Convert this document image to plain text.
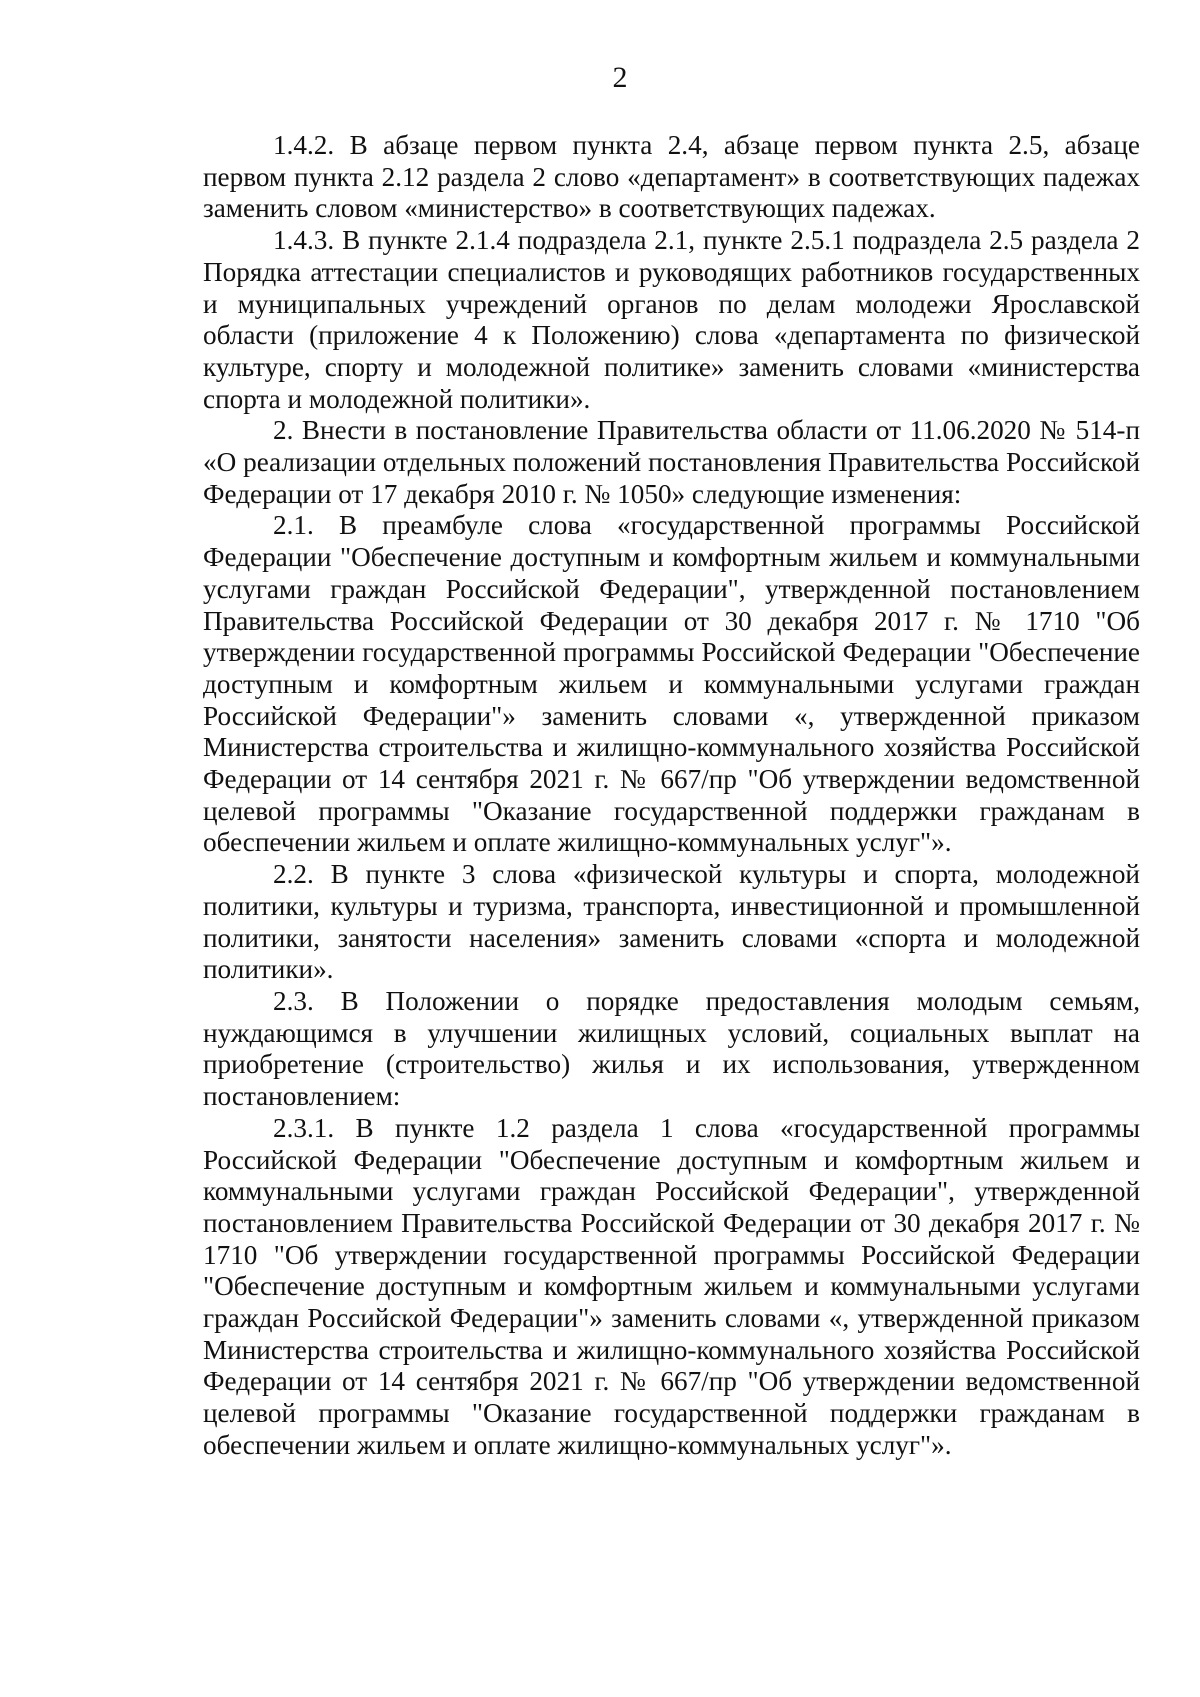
2

1.4.2. В абзаце первом пункта 2.4, абзаце первом пункта 2.5, абзаце первом пункта 2.12 раздела 2 слово «департамент» в соответствующих падежах заменить словом «министерство» в соответствующих падежах.

1.4.3. В пункте 2.1.4 подраздела 2.1, пункте 2.5.1 подраздела 2.5 раздела 2 Порядка аттестации специалистов и руководящих работников государственных и муниципальных учреждений органов по делам молодежи Ярославской области (приложение 4 к Положению) слова «департамента по физической культуре, спорту и молодежной политике» заменить словами «министерства спорта и молодежной политики».

2. Внести в постановление Правительства области от 11.06.2020 № 514-п «О реализации отдельных положений постановления Правительства Российской Федерации от 17 декабря 2010 г. № 1050» следующие изменения:

2.1. В преамбуле слова «государственной программы Российской Федерации "Обеспечение доступным и комфортным жильем и коммунальными услугами граждан Российской Федерации", утвержденной постановлением Правительства Российской Федерации от 30 декабря 2017 г. № 1710 "Об утверждении государственной программы Российской Федерации "Обеспечение доступным и комфортным жильем и коммунальными услугами граждан Российской Федерации"» заменить словами «, утвержденной приказом Министерства строительства и жилищно-коммунального хозяйства Российской Федерации от 14 сентября 2021 г. № 667/пр "Об утверждении ведомственной целевой программы "Оказание государственной поддержки гражданам в обеспечении жильем и оплате жилищно-коммунальных услуг"».

2.2. В пункте 3 слова «физической культуры и спорта, молодежной политики, культуры и туризма, транспорта, инвестиционной и промышленной политики, занятости населения» заменить словами «спорта и молодежной политики».

2.3. В Положении о порядке предоставления молодым семьям, нуждающимся в улучшении жилищных условий, социальных выплат на приобретение (строительство) жилья и их использования, утвержденном постановлением:

2.3.1. В пункте 1.2 раздела 1 слова «государственной программы Российской Федерации "Обеспечение доступным и комфортным жильем и коммунальными услугами граждан Российской Федерации", утвержденной постановлением Правительства Российской Федерации от 30 декабря 2017 г. № 1710 "Об утверждении государственной программы Российской Федерации "Обеспечение доступным и комфортным жильем и коммунальными услугами граждан Российской Федерации"» заменить словами «, утвержденной приказом Министерства строительства и жилищно-коммунального хозяйства Российской Федерации от 14 сентября 2021 г. № 667/пр "Об утверждении ведомственной целевой программы "Оказание государственной поддержки гражданам в обеспечении жильем и оплате жилищно-коммунальных услуг"».
